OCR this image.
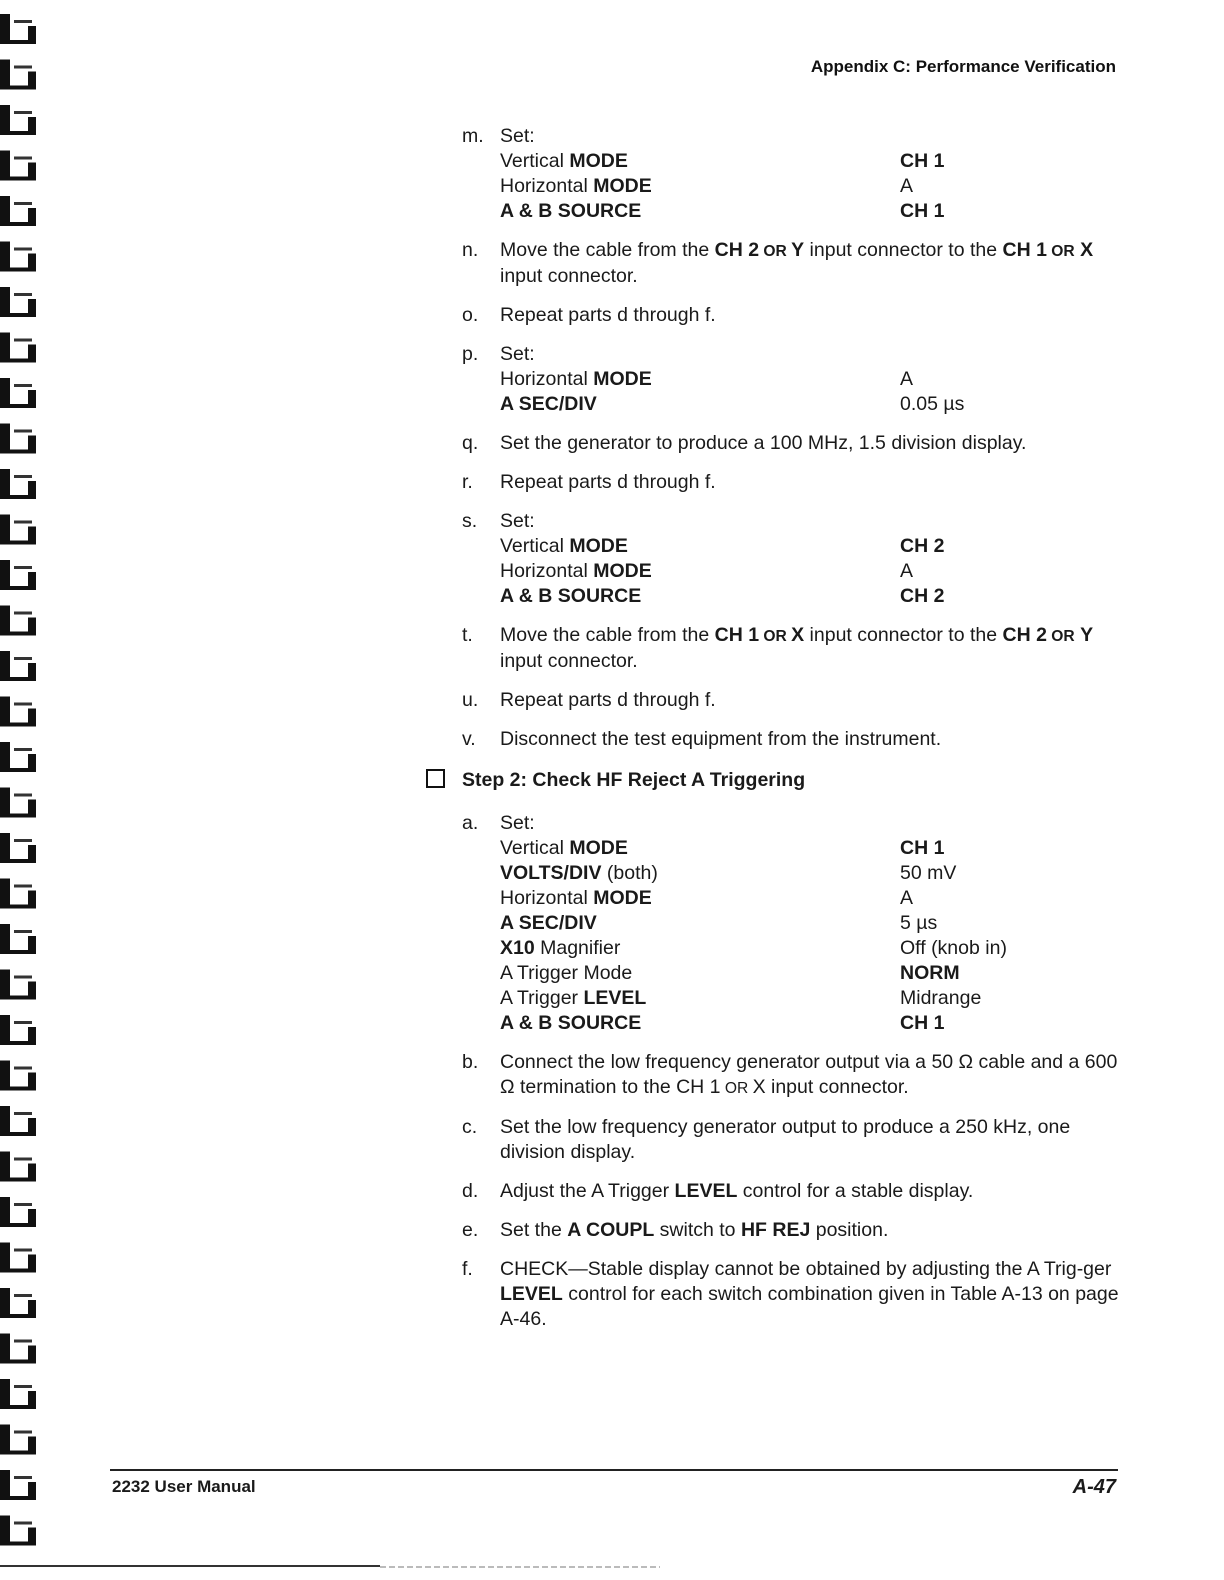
Appendix C: Performance Verification
m. Set:
Vertical MODE	CH 1
Horizontal MODE	A
A & B SOURCE	CH 1
n. Move the cable from the CH 2 OR Y input connector to the CH 1 OR X input connector.
o. Repeat parts d through f.
p. Set:
Horizontal MODE	A
A SEC/DIV	0.05 µs
q. Set the generator to produce a 100 MHz, 1.5 division display.
r. Repeat parts d through f.
s. Set:
Vertical MODE	CH 2
Horizontal MODE	A
A & B SOURCE	CH 2
t. Move the cable from the CH 1 OR X input connector to the CH 2 OR Y input connector.
u. Repeat parts d through f.
v. Disconnect the test equipment from the instrument.
Step 2: Check HF Reject A Triggering
a. Set:
Vertical MODE	CH 1
VOLTS/DIV (both)	50 mV
Horizontal MODE	A
A SEC/DIV	5 µs
X10 Magnifier	Off (knob in)
A Trigger Mode	NORM
A Trigger LEVEL	Midrange
A & B SOURCE	CH 1
b. Connect the low frequency generator output via a 50 Ω cable and a 600 Ω termination to the CH 1 OR X input connector.
c. Set the low frequency generator output to produce a 250 kHz, one division display.
d. Adjust the A Trigger LEVEL control for a stable display.
e. Set the A COUPL switch to HF REJ position.
f. CHECK—Stable display cannot be obtained by adjusting the A Trig-ger LEVEL control for each switch combination given in Table A-13 on page A-46.
2232 User Manual	A-47
